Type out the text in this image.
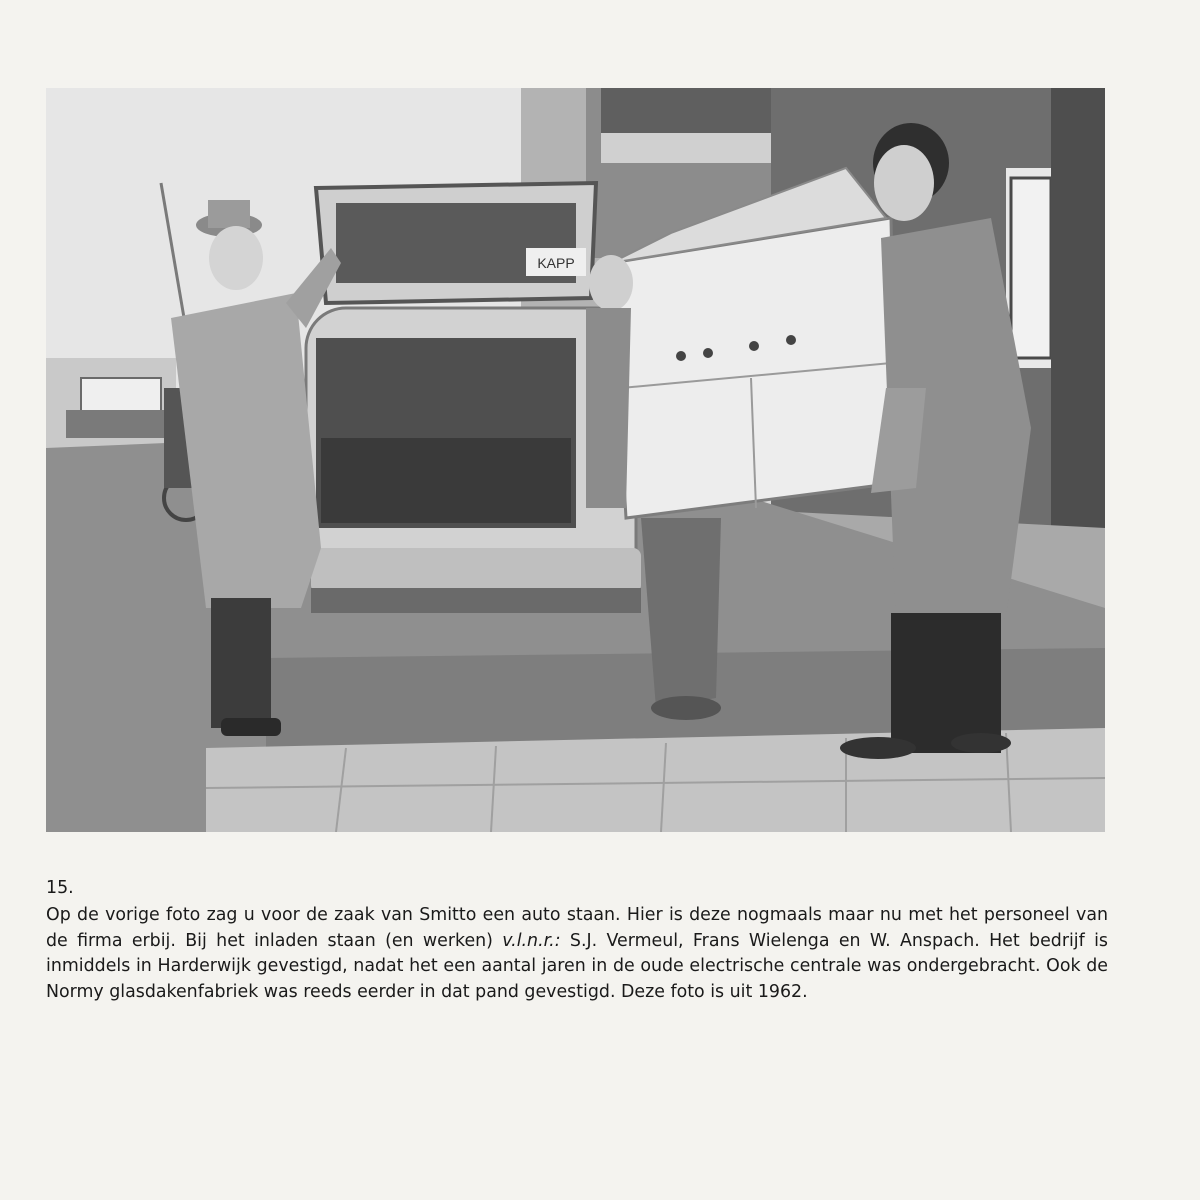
KAPP
15.

Op de vorige foto zag u voor de zaak van Smitto een auto staan. Hier is deze nogmaals maar nu met het personeel van de firma erbij. Bij het inladen staan (en werken) v.l.n.r.: S.J. Vermeul, Frans Wielenga en W. Anspach. Het bedrijf is inmiddels in Harderwijk gevestigd, nadat het een aantal jaren in de oude electrische centrale was ondergebracht. Ook de Normy glasdakenfabriek was reeds eerder in dat pand gevestigd. Deze foto is uit 1962.
